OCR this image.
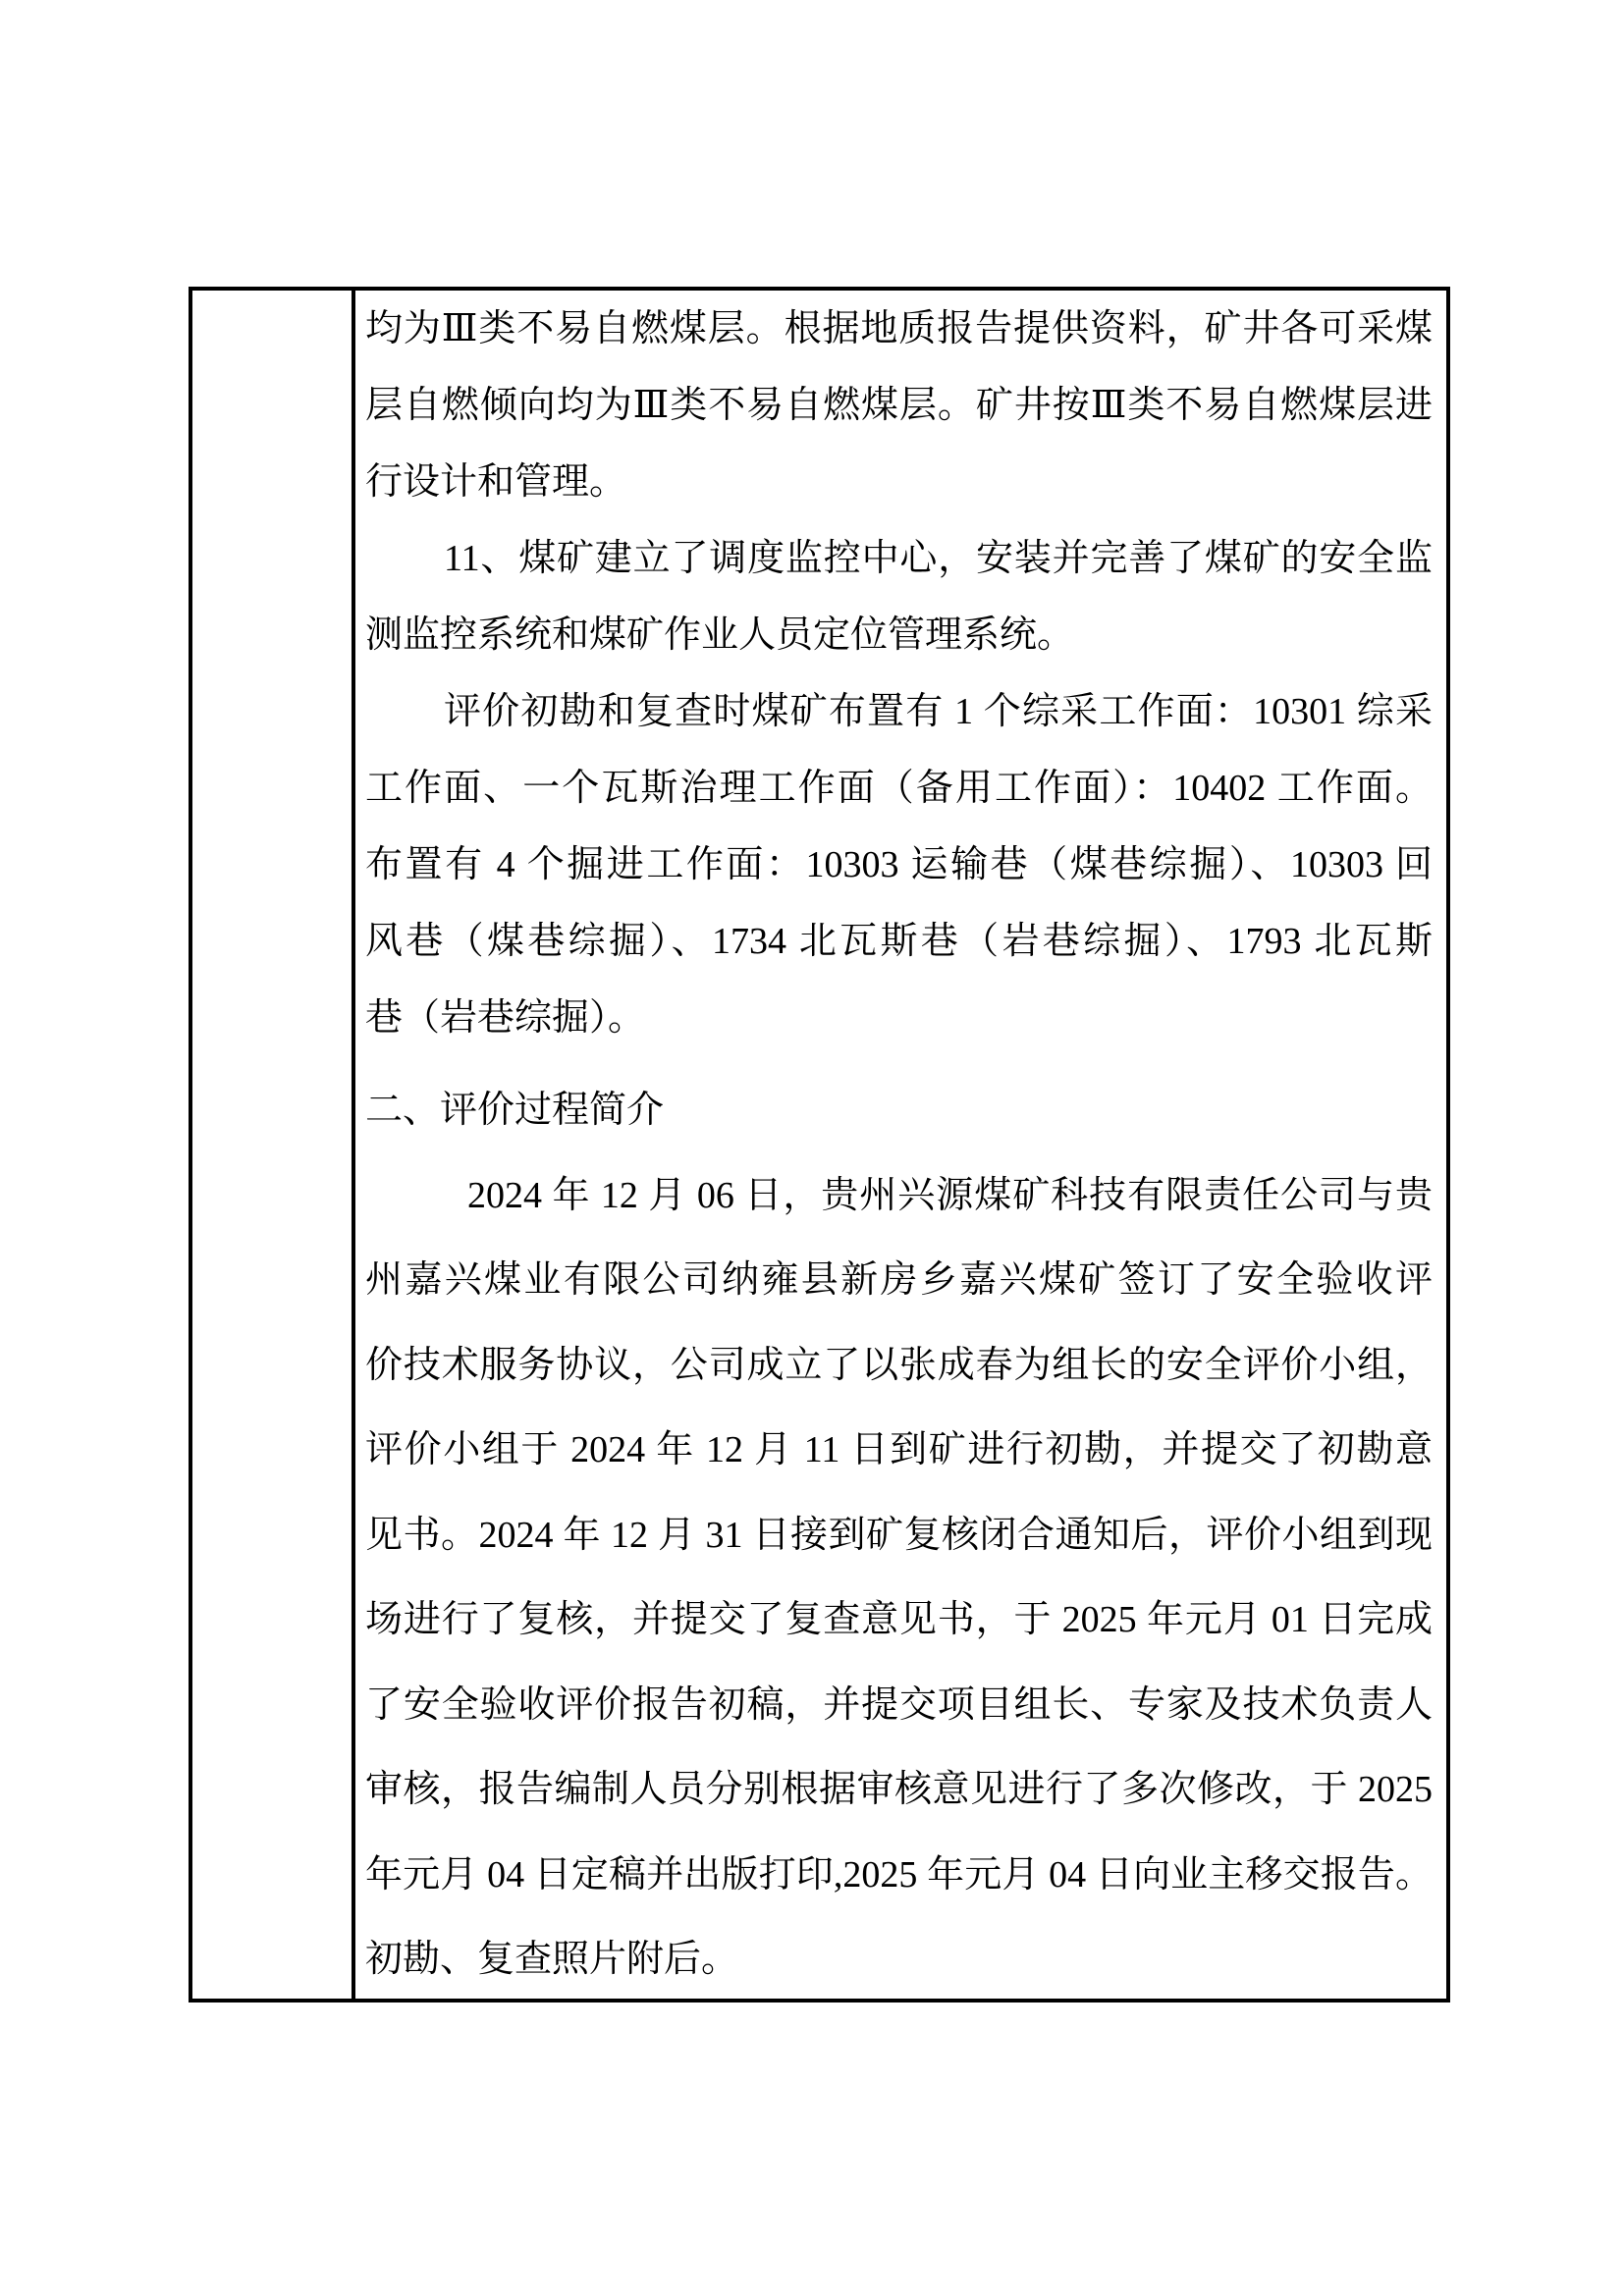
均为Ⅲ类不易自燃煤层。根据地质报告提供资料，矿井各可采煤
层自燃倾向均为Ⅲ类不易自燃煤层。矿井按Ⅲ类不易自燃煤层进
行设计和管理。
11、煤矿建立了调度监控中心，安装并完善了煤矿的安全监
测监控系统和煤矿作业人员定位管理系统。
评价初勘和复查时煤矿布置有 1 个综采工作面：10301 综采
工作面、一个瓦斯治理工作面（备用工作面）：10402 工作面。
布置有 4 个掘进工作面：10303 运输巷（煤巷综掘）、10303 回
风巷（煤巷综掘）、1734 北瓦斯巷（岩巷综掘）、1793 北瓦斯
巷（岩巷综掘）。
二、评价过程简介
2024 年 12 月 06 日，贵州兴源煤矿科技有限责任公司与贵
州嘉兴煤业有限公司纳雍县新房乡嘉兴煤矿签订了安全验收评
价技术服务协议，公司成立了以张成春为组长的安全评价小组，
评价小组于 2024 年 12 月 11 日到矿进行初勘，并提交了初勘意
见书。2024 年 12 月 31 日接到矿复核闭合通知后，评价小组到现
场进行了复核，并提交了复查意见书，于 2025 年元月 01 日完成
了安全验收评价报告初稿，并提交项目组长、专家及技术负责人
审核，报告编制人员分别根据审核意见进行了多次修改，于 2025
年元月 04 日定稿并出版打印,2025 年元月 04 日向业主移交报告。
初勘、复查照片附后。
